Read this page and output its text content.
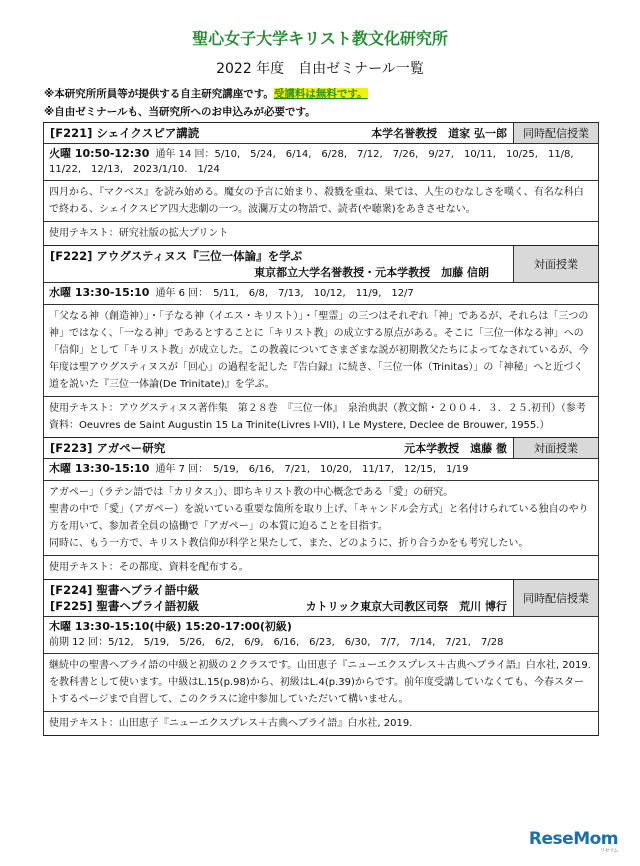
聖心女子大学キリスト教文化研究所
2022 年度　自由ゼミナール一覧
※本研究所所員等が提供する自主研究講座です。受講料は無料です。
※自由ゼミナールも、当研究所へのお申込みが必要です。
[F221] シェイクスピア講読	本学名誉教授　道家 弘一郎	同時配信授業
火曜 10:50-12:30 通年 14 回：5/10,　5/24,　6/14,　6/28,　7/12,　7/26,　9/27,　10/11,　10/25,　11/8,　11/22,　12/13,　2023/1/10.　1/24

四月から、『マクベス』を読み始める。魔女の予言に始まり、殺戮を重ね、果ては、人生のむなしさを嘆く、有名な科白で終わる、シェイクスピア四大悲劇の一つ。波瀾万丈の物語で、読者(や聴衆)をあきさせない。

使用テキスト：研究社版の拡大プリント
[F222] アウグスティヌス『三位一体論』を学ぶ
東京都立大学名誉教授・元本学教授　加藤 信朗
対面授業
水曜 13:30-15:10 通年 6 回：　5/11,　6/8,　7/13,　10/12,　11/9,　12/7

「父なる神（創造神）」・「子なる神（イエス・キリスト）」・「聖霊」の三つはそれぞれ「神」であるが、それらは「三つの神」ではなく、「一なる神」であるとすることに「キリスト教」の成立する原点がある。そこに「三位一体なる神」への「信仰」として「キリスト教」が成立した。この教義についてさまざまな説が初期教父たちによってなされているが、今年度は聖アウグスティヌスが「回心」の過程を記した『告白録』に続き、「三位一体（Trinitas）」の「神秘」へと近づく道を説いた『三位一体論(De Trinitate)』を学ぶ。

使用テキスト：アウグスティヌス著作集　第２８巻　『三位一体』　泉治典訳（教文館・２００４．３．２５.初刊）（参考資料：Oeuvres de Saint Augustin 15 La Trinite(Livres I-VII), I Le Mystere, Declee de Brouwer, 1955.）
[F223] アガペー研究	元本学教授　遠藤 徹	対面授業
木曜 13:30-15:10 通年 7 回：　5/19,　6/16,　7/21,　10/20,　11/17,　12/15,　1/19

アガペー」（ラテン語では「カリタス」）、即ちキリスト教の中心概念である「愛」の研究。

聖書の中で「愛」（アガペー）を説いている重要な箇所を取り上げ、「キャンドル会方式」と名付けられている独自のやり方を用いて、参加者全員の協働で「アガペー」の本質に迫ることを目指す。

同時に、もう一方で、キリスト教信仰が科学と果たして、また、どのように、折り合うかをも考究したい。

使用テキスト：その都度、資料を配布する。
[F224] 聖書ヘブライ語中級
[F225] 聖書ヘブライ語初級	カトリック東京大司教区司祭　荒川 博行
同時配信授業
木曜 13:30-15:10(中級) 15:20-17:00(初級)
前期 12 回：5/12,　5/19,　5/26,　6/2,　6/9,　6/16,　6/23,　6/30,　7/7,　7/14,　7/21,　7/28

継続中の聖書ヘブライ語の中級と初級の２クラスです。山田恵子『ニューエクスプレス＋古典ヘブライ語』白水社, 2019. を教科書として使います。中級はL.15(p.98)から、初級はL.4(p.39)からです。前年度受講していなくても、今春スタートするページまで自習して、このクラスに途中参加していただいて構いません。

使用テキスト：山田恵子『ニューエクスプレス＋古典ヘブライ語』白水社, 2019.
ReseMom
リセマム
